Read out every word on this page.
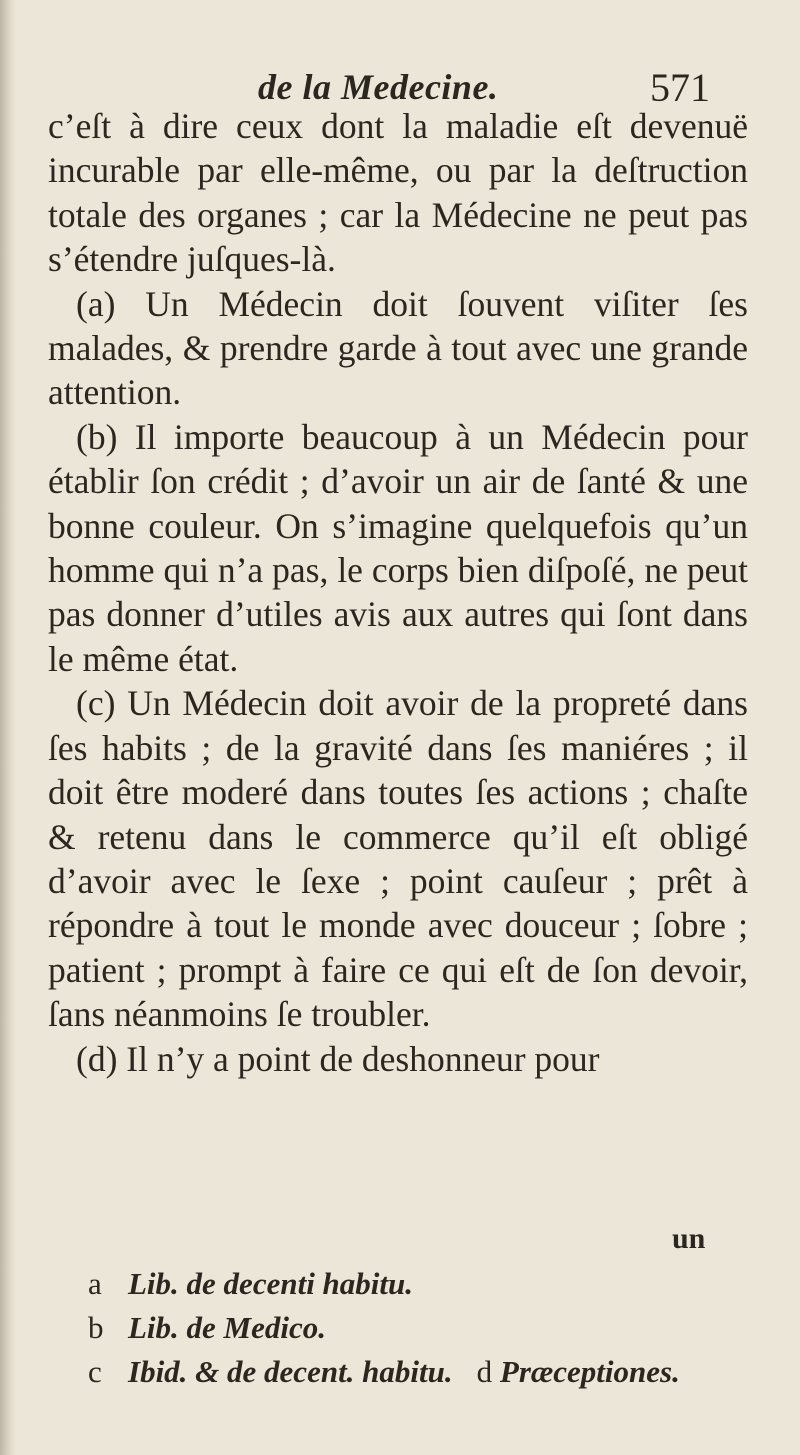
de la Medecine.	571

c’eſt à dire ceux dont la maladie eſt devenuë incurable par elle-même, ou par la deſtruction totale des organes ; car la Médecine ne peut pas s’étendre juſques-là.

(a) Un Médecin doit ſouvent viſiter ſes malades, & prendre garde à tout avec une grande attention.

(b) Il importe beaucoup à un Médecin pour établir ſon crédit ; d’avoir un air de ſanté & une bonne couleur. On s’imagine quelquefois qu’un homme qui n’a pas, le corps bien diſpoſé, ne peut pas donner d’utiles avis aux autres qui ſont dans le même état.

(c) Un Médecin doit avoir de la propreté dans ſes habits ; de la gravité dans ſes maniéres ; il doit être moderé dans toutes ſes actions ; chaſte & retenu dans le commerce qu’il eſt obligé d’avoir avec le ſexe ; point cauſeur ; prêt à répondre à tout le monde avec douceur ; ſobre ; patient ; prompt à faire ce qui eſt de ſon devoir, ſans néanmoins ſe troubler.

(d) Il n’y a point de deshonneur pour

un
a Lib. de decenti habitu.
b Lib. de Medico.
c Ibid. & de decent. habitu. d Præceptiones.
